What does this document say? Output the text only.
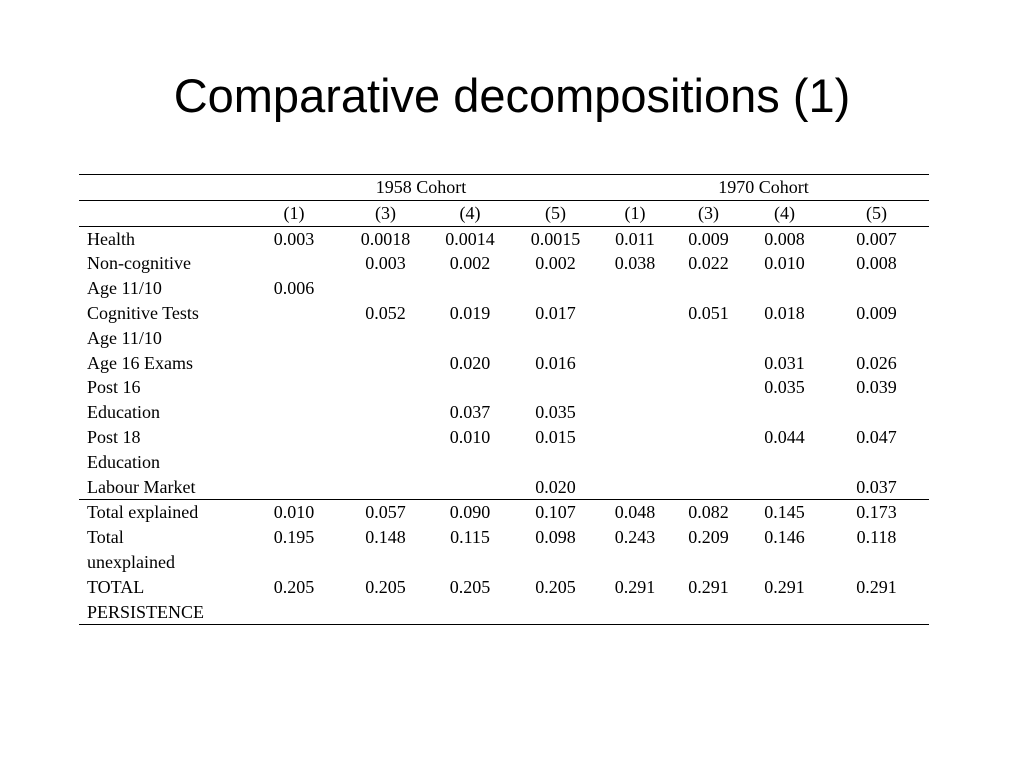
Comparative decompositions (1)
	1958 Cohort				1970 Cohort			
	(1)	(3)	(4)	(5)	(1)	(3)	(4)	(5)
Health	0.003	0.0018	0.0014	0.0015	0.011	0.009	0.008	0.007
Non-cognitive		0.003	0.002	0.002	0.038	0.022	0.010	0.008
Age 11/10	0.006							
Cognitive Tests		0.052	0.019	0.017		0.051	0.018	0.009
Age 11/10								
Age 16 Exams			0.020	0.016			0.031	0.026
Post 16							0.035	0.039
Education			0.037	0.035				
Post 18			0.010	0.015			0.044	0.047
Education								
Labour Market				0.020				0.037
Total explained	0.010	0.057	0.090	0.107	0.048	0.082	0.145	0.173
Total	0.195	0.148	0.115	0.098	0.243	0.209	0.146	0.118
unexplained								
TOTAL	0.205	0.205	0.205	0.205	0.291	0.291	0.291	0.291
PERSISTENCE								
